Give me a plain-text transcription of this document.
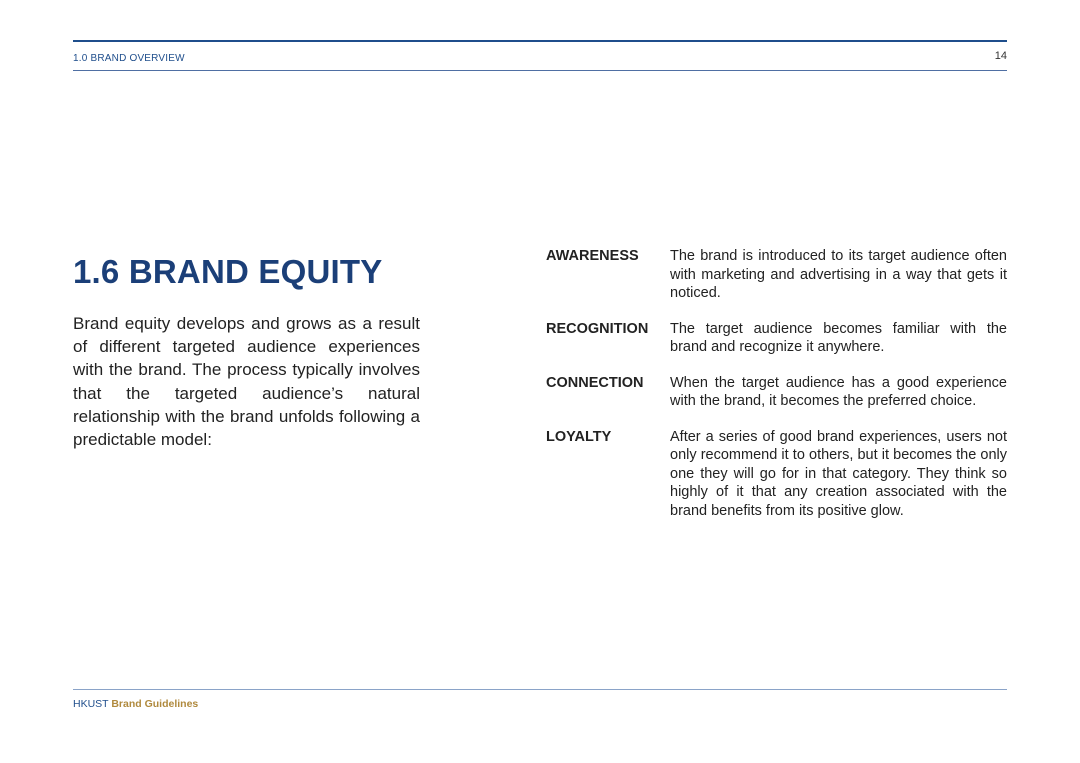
1.0 BRAND OVERVIEW	14
1.6 BRAND EQUITY

Brand equity develops and grows as a result of different targeted audience experiences with the brand. The process typically involves that the targeted audience’s natural relationship with the brand unfolds following a predictable model:

AWARENESS	The brand is introduced to its target audience often with marketing and advertising in a way that gets it noticed.
RECOGNITION	The target audience becomes familiar with the brand and recognize it anywhere.
CONNECTION	When the target audience has a good experience with the brand, it becomes the preferred choice.
LOYALTY	After a series of good brand experiences, users not only recommend it to others, but it becomes the only one they will go for in that category. They think so highly of it that any creation associated with the brand benefits from its positive glow.
HKUST Brand Guidelines
